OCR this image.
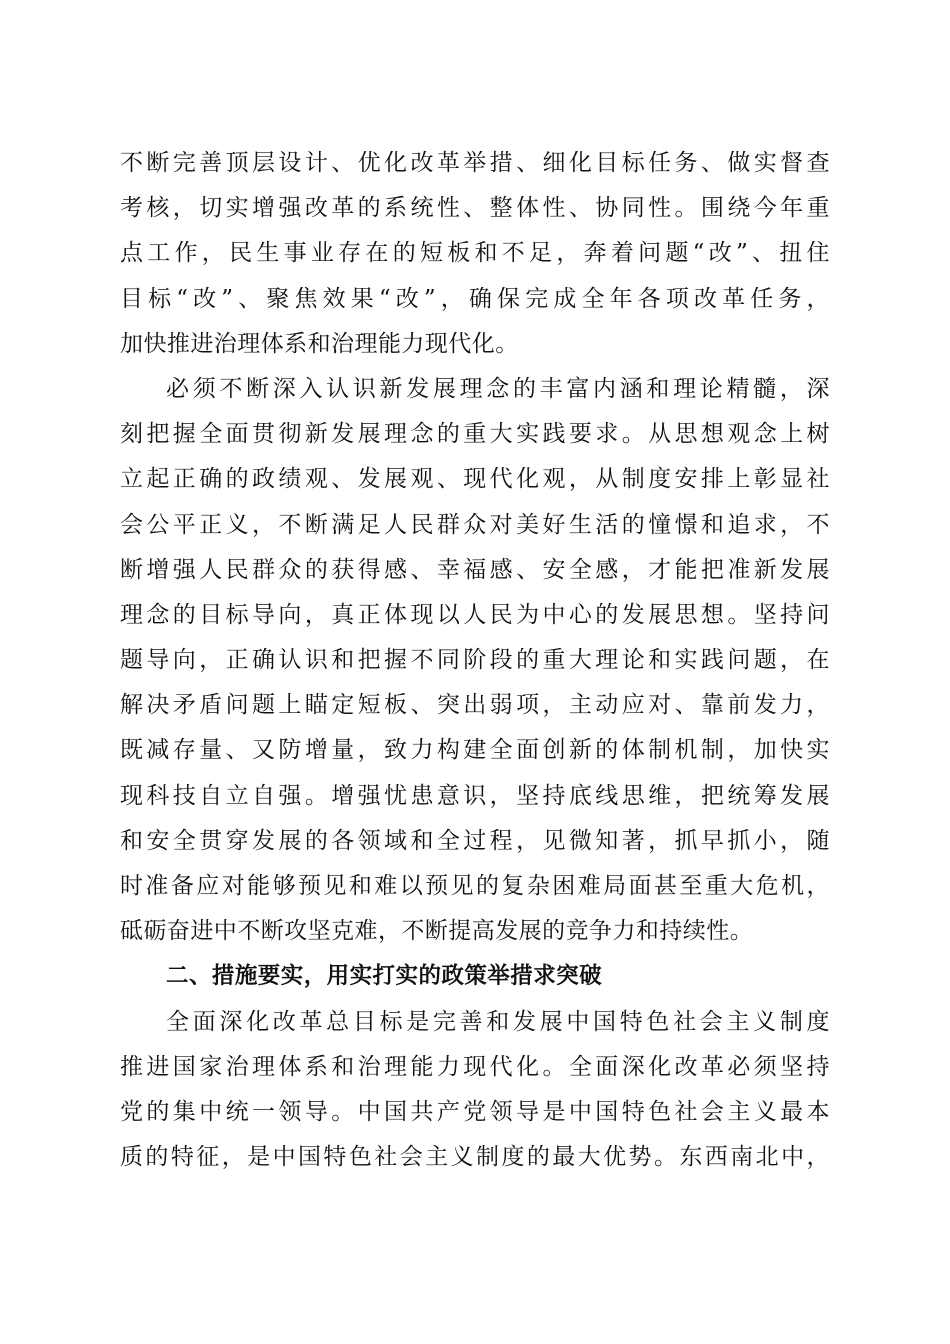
不断完善顶层设计、优化改革举措、细化目标任务、做实督查
考核，切实增强改革的系统性、整体性、协同性。围绕今年重
点工作，民生事业存在的短板和不足，奔着问题“改”、扭住
目标“改”、聚焦效果“改”，确保完成全年各项改革任务，
加快推进治理体系和治理能力现代化。
必须不断深入认识新发展理念的丰富内涵和理论精髓，深
刻把握全面贯彻新发展理念的重大实践要求。从思想观念上树
立起正确的政绩观、发展观、现代化观，从制度安排上彰显社
会公平正义，不断满足人民群众对美好生活的憧憬和追求，不
断增强人民群众的获得感、幸福感、安全感，才能把准新发展
理念的目标导向，真正体现以人民为中心的发展思想。坚持问
题导向，正确认识和把握不同阶段的重大理论和实践问题，在
解决矛盾问题上瞄定短板、突出弱项，主动应对、靠前发力，
既减存量、又防增量，致力构建全面创新的体制机制，加快实
现科技自立自强。增强忧患意识，坚持底线思维，把统筹发展
和安全贯穿发展的各领域和全过程，见微知著，抓早抓小，随
时准备应对能够预见和难以预见的复杂困难局面甚至重大危机，
砥砺奋进中不断攻坚克难，不断提高发展的竞争力和持续性。
二、措施要实，用实打实的政策举措求突破
全面深化改革总目标是完善和发展中国特色社会主义制度
推进国家治理体系和治理能力现代化。全面深化改革必须坚持
党的集中统一领导。中国共产党领导是中国特色社会主义最本
质的特征，是中国特色社会主义制度的最大优势。东西南北中，
